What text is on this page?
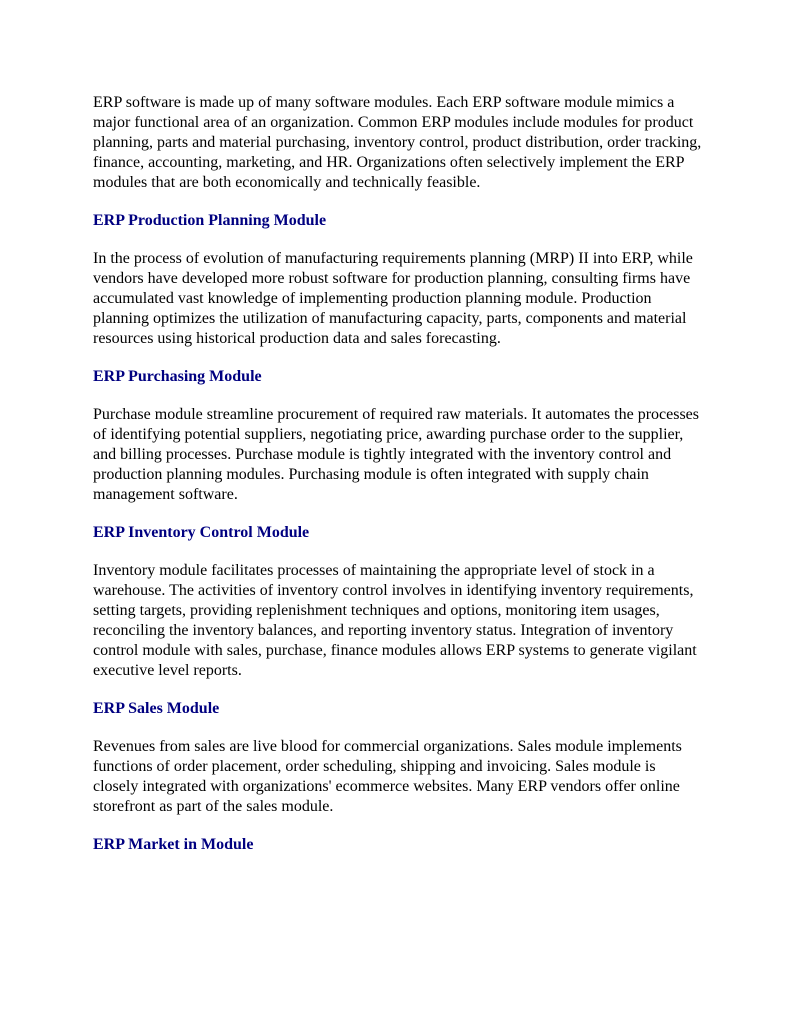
ERP software is made up of many software modules. Each ERP software module mimics a major functional area of an organization. Common ERP modules include modules for product planning, parts and material purchasing, inventory control, product distribution, order tracking, finance, accounting, marketing, and HR. Organizations often selectively implement the ERP modules that are both economically and technically feasible.

ERP Production Planning Module

In the process of evolution of manufacturing requirements planning (MRP) II into ERP, while vendors have developed more robust software for production planning, consulting firms have accumulated vast knowledge of implementing production planning module. Production planning optimizes the utilization of manufacturing capacity, parts, components and material resources using historical production data and sales forecasting.

ERP Purchasing Module

Purchase module streamline procurement of required raw materials. It automates the processes of identifying potential suppliers, negotiating price, awarding purchase order to the supplier, and billing processes. Purchase module is tightly integrated with the inventory control and production planning modules. Purchasing module is often integrated with supply chain management software.

ERP Inventory Control Module

Inventory module facilitates processes of maintaining the appropriate level of stock in a warehouse. The activities of inventory control involves in identifying inventory requirements, setting targets, providing replenishment techniques and options, monitoring item usages, reconciling the inventory balances, and reporting inventory status. Integration of inventory control module with sales, purchase, finance modules allows ERP systems to generate vigilant executive level reports.

ERP Sales Module

Revenues from sales are live blood for commercial organizations. Sales module implements functions of order placement, order scheduling, shipping and invoicing. Sales module is closely integrated with organizations' ecommerce websites. Many ERP vendors offer online storefront as part of the sales module.

ERP Market in Module
